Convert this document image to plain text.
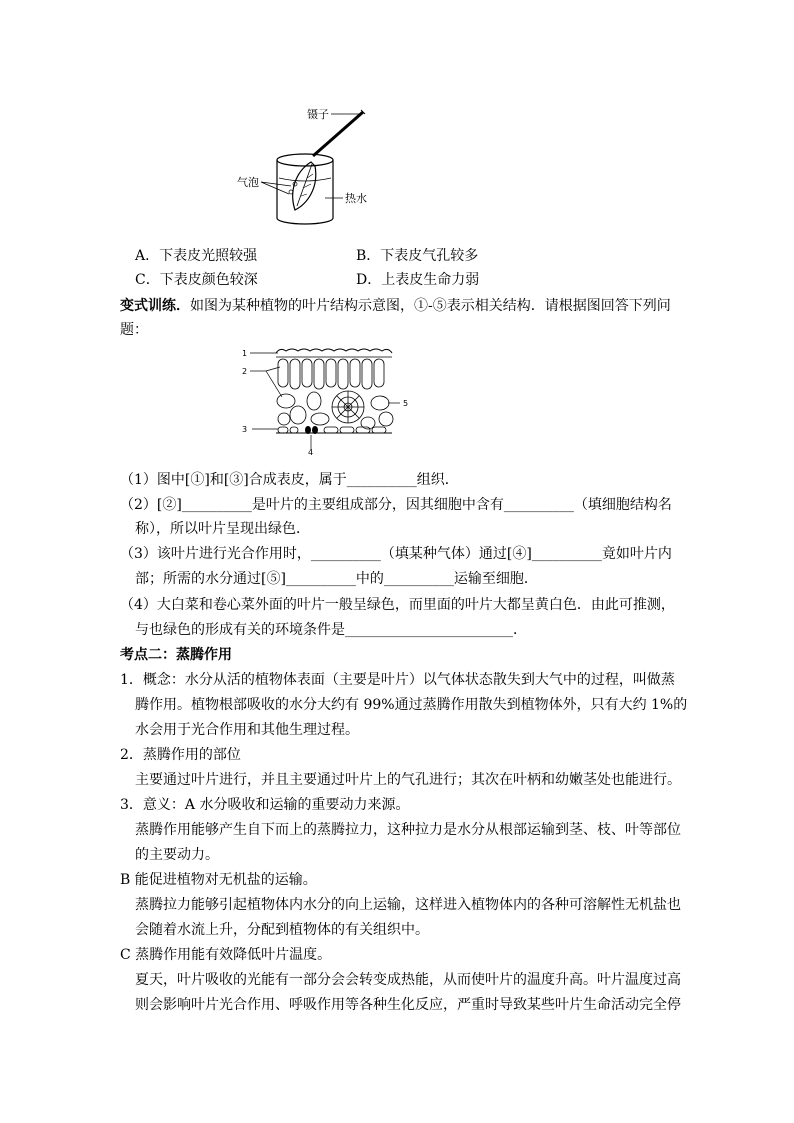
镊子
气泡
热水
A．下表皮光照较强	B．下表皮气孔较多
C．下表皮颜色较深	D．上表皮生命力弱
变式训练．如图为某种植物的叶片结构示意图，①-⑤表示相关结构．请根据图回答下列问
题：
1
2
3
4
5
（1）图中[①]和[③]合成表皮，属于__________组织．
（2）[②]__________是叶片的主要组成部分，因其细胞中含有__________（填细胞结构名
称），所以叶片呈现出绿色．
（3）该叶片进行光合作用时，__________（填某种气体）通过[④]__________竟如叶片内
部；所需的水分通过[⑤]__________中的__________运输至细胞．
（4）大白菜和卷心菜外面的叶片一般呈绿色，而里面的叶片大都呈黄白色．由此可推测，
与也绿色的形成有关的环境条件是________________________．
考点二：蒸腾作用
1．概念：水分从活的植物体表面（主要是叶片）以气体状态散失到大气中的过程，叫做蒸
腾作用。植物根部吸收的水分大约有 99%通过蒸腾作用散失到植物体外，只有大约 1%的
水会用于光合作用和其他生理过程。
2．蒸腾作用的部位
主要通过叶片进行，并且主要通过叶片上的气孔进行；其次在叶柄和幼嫩茎处也能进行。
3．意义：A 水分吸收和运输的重要动力来源。
蒸腾作用能够产生自下而上的蒸腾拉力，这种拉力是水分从根部运输到茎、枝、叶等部位
的主要动力。
B 能促进植物对无机盐的运输。
蒸腾拉力能够引起植物体内水分的向上运输，这样进入植物体内的各种可溶解性无机盐也
会随着水流上升，分配到植物体的有关组织中。
C 蒸腾作用能有效降低叶片温度。
夏天，叶片吸收的光能有一部分会会转变成热能，从而使叶片的温度升高。叶片温度过高
则会影响叶片光合作用、呼吸作用等各种生化反应，严重时导致某些叶片生命活动完全停
